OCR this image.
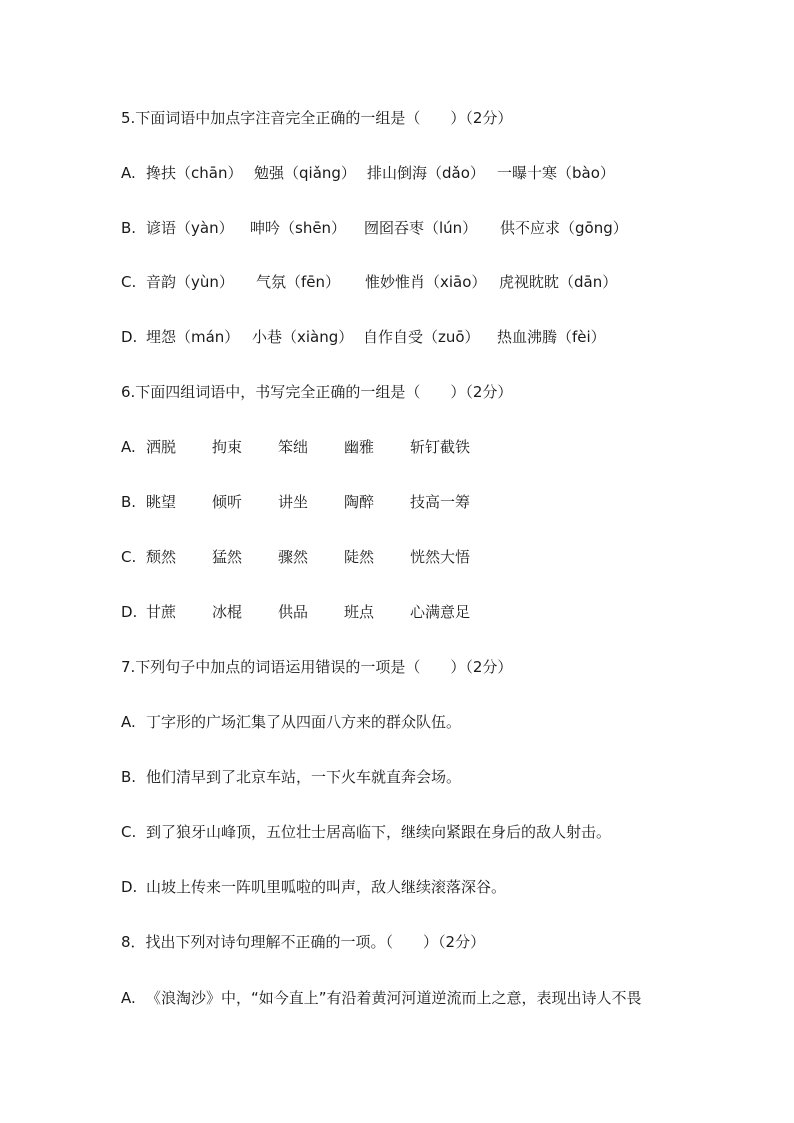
5.下面词语中加点字注音完全正确的一组是（　　）（2分）
A. 搀扶（chān） 勉强（qiǎng） 排山倒海（dǎo） 一曝十寒（bào）
B. 谚语（yàn） 呻吟（shēn） 囫囵吞枣（lún） 供不应求（gōng）
C. 音韵（yùn） 气氛（fēn） 惟妙惟肖（xiāo） 虎视眈眈（dān）
D. 埋怨（mán） 小巷（xiàng） 自作自受（zuō） 热血沸腾（fèi）
6.下面四组词语中，书写完全正确的一组是（　　）（2分）
A. 洒脱 拘束 笨绌 幽雅 斩钉截铁
B. 眺望 倾听 讲坐 陶醉 技高一筹
C. 颓然 猛然 骤然 陡然 恍然大悟
D. 甘蔗 冰棍 供品 班点 心满意足
7.下列句子中加点的词语运用错误的一项是（　　）（2分）
A. 丁字形的广场汇集了从四面八方来的群众队伍。
B. 他们清早到了北京车站，一下火车就直奔会场。
C. 到了狼牙山峰顶，五位壮士居高临下，继续向紧跟在身后的敌人射击。
D. 山坡上传来一阵叽里呱啦的叫声，敌人继续滚落深谷。
8．找出下列对诗句理解不正确的一项。（　　）（2分）
A. 《浪淘沙》中，“如今直上”有沿着黄河河道逆流而上之意，表现出诗人不畏
